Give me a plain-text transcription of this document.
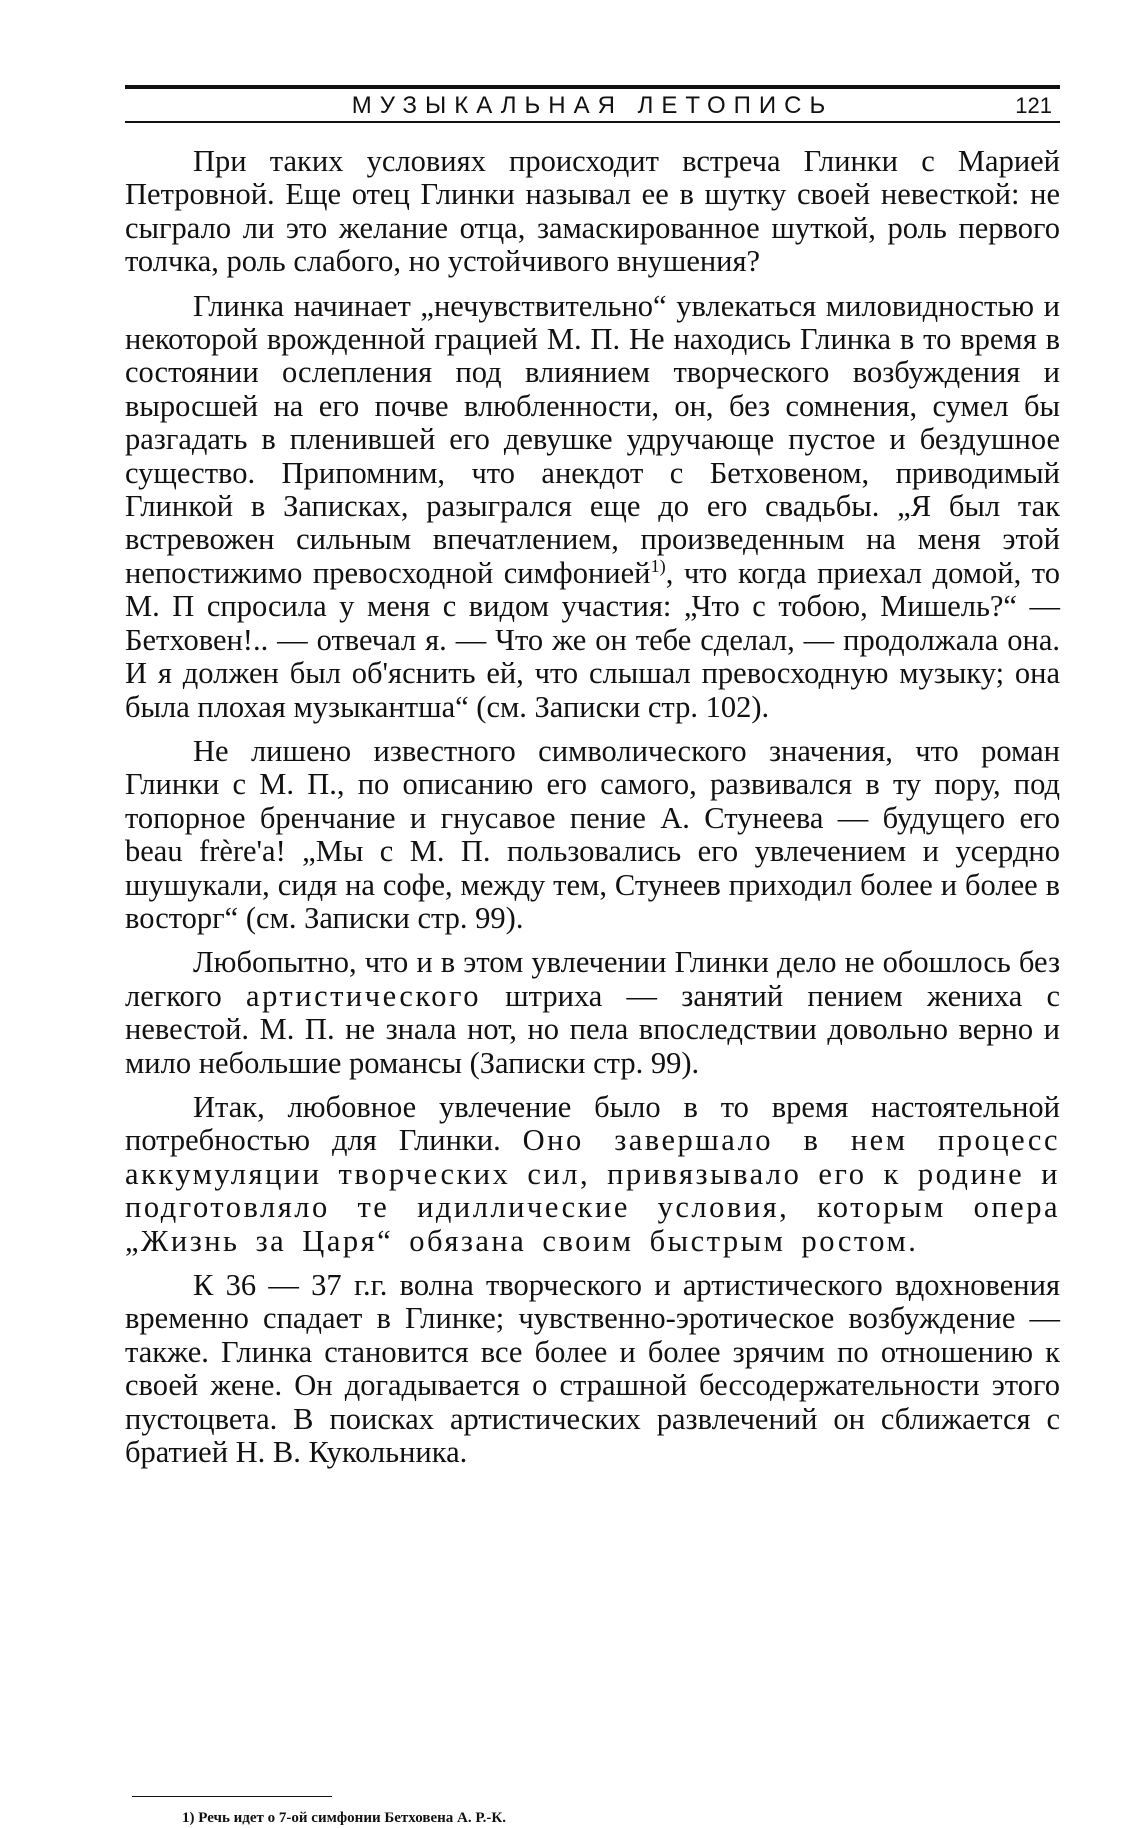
МУЗЫКАЛЬНАЯ ЛЕТОПИСЬ	121

При таких условиях происходит встреча Глинки с Марией Петровной. Еще отец Глинки называл ее в шутку своей невесткой: не сыграло ли это желание отца, замаскированное шуткой, роль первого толчка, роль слабого, но устойчивого внушения?

Глинка начинает „нечувствительно“ увлекаться миловидностью и некоторой врожденной грацией М. П. Не находись Глинка в то время в состоянии ослепления под влиянием творческого возбуждения и выросшей на его почве влюбленности, он, без сомнения, сумел бы разгадать в пленившей его девушке удручающе пустое и бездушное существо. Припомним, что анекдот с Бетховеном, приводимый Глинкой в Записках, разыгрался еще до его свадьбы. „Я был так встревожен сильным впечатлением, произведенным на меня этой непостижимо превосходной симфонией$^{1)}$, что когда приехал домой, то М. П спросила у меня с видом участия: „Что с тобою, Мишель?“ — Бетховен!.. — отвечал я. — Что же он тебе сделал, — продолжала она. И я должен был об'яснить ей, что слышал превосходную музыку; она была плохая музыкантша“ (см. Записки стр. 102).

Не лишено известного символического значения, что роман Глинки с М. П., по описанию его самого, развивался в ту пору, под топорное бренчание и гнусавое пение А. Стунеева — будущего его beau frère'a! „Мы с М. П. пользовались его увлечением и усердно шушукали, сидя на софе, между тем, Стунеев приходил более и более в восторг“ (см. Записки стр. 99).

Любопытно, что и в этом увлечении Глинки дело не обошлось без легкого артистического штриха — занятий пением жениха с невестой. М. П. не знала нот, но пела впоследствии довольно верно и мило небольшие романсы (Записки стр. 99).

Итак, любовное увлечение было в то время настоятельной потребностью для Глинки. Оно завершало в нем процесс аккумуляции творческих сил, привязывало его к родине и подготовляло те идиллические условия, которым опера „Жизнь за Царя“ обязана своим быстрым ростом.

К 36 — 37 г.г. волна творческого и артистического вдохновения временно спадает в Глинке; чувственно-эротическое возбуждение — также. Глинка становится все более и более зрячим по отношению к своей жене. Он догадывается о страшной бессодержательности этого пустоцвета. В поисках артистических развлечений он сближается с братией Н. В. Кукольника.

1) Речь идет о 7-ой симфонии Бетховена А. Р.-К.
